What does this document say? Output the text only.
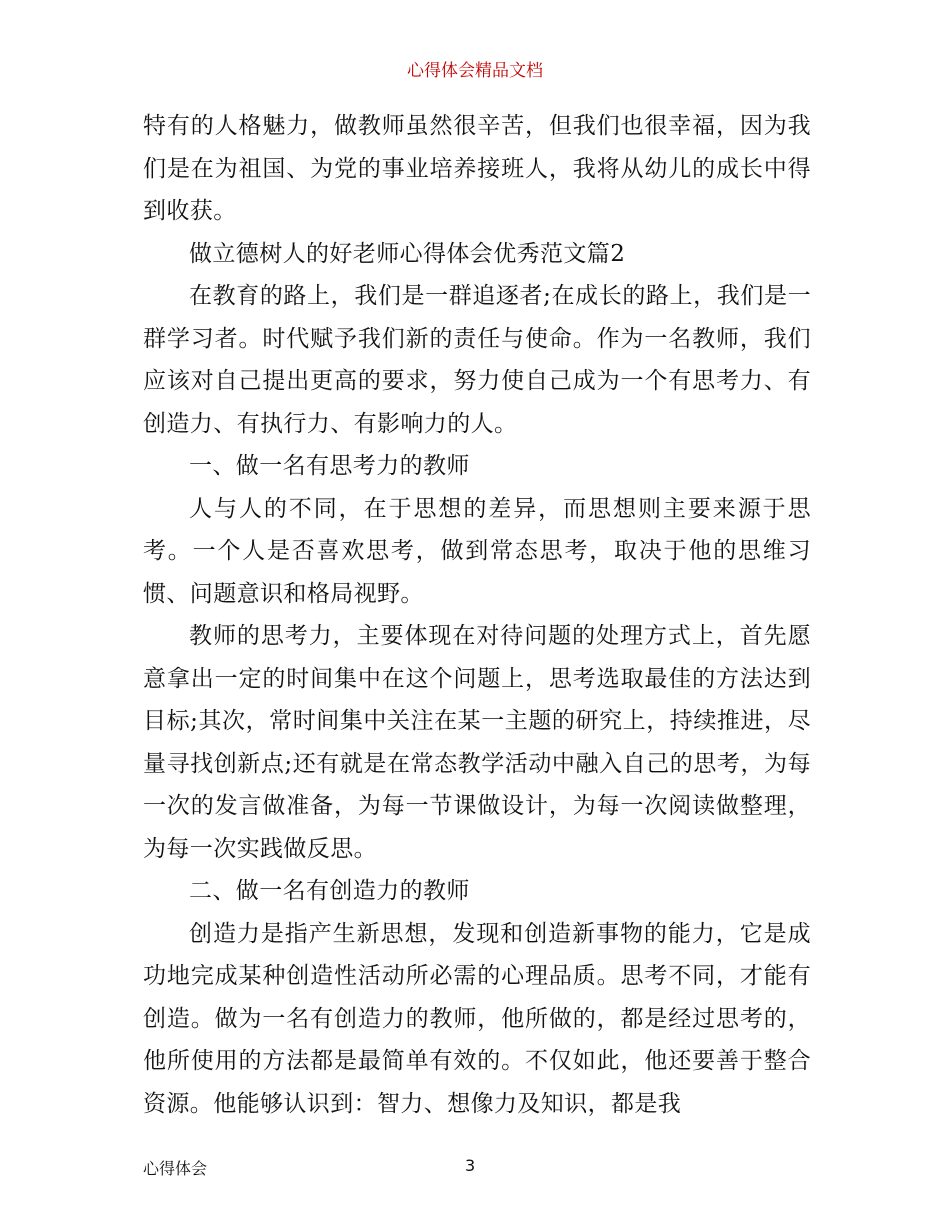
心得体会精品文档

特有的人格魅力，做教师虽然很辛苦，但我们也很幸福，因为我们是在为祖国、为党的事业培养接班人，我将从幼儿的成长中得到收获。

做立德树人的好老师心得体会优秀范文篇2

在教育的路上，我们是一群追逐者;在成长的路上，我们是一群学习者。时代赋予我们新的责任与使命。作为一名教师，我们应该对自己提出更高的要求，努力使自己成为一个有思考力、有创造力、有执行力、有影响力的人。

一、做一名有思考力的教师

人与人的不同，在于思想的差异，而思想则主要来源于思考。一个人是否喜欢思考，做到常态思考，取决于他的思维习惯、问题意识和格局视野。

教师的思考力，主要体现在对待问题的处理方式上，首先愿意拿出一定的时间集中在这个问题上，思考选取最佳的方法达到目标;其次，常时间集中关注在某一主题的研究上，持续推进，尽量寻找创新点;还有就是在常态教学活动中融入自己的思考，为每一次的发言做准备，为每一节课做设计，为每一次阅读做整理，为每一次实践做反思。

二、做一名有创造力的教师

创造力是指产生新思想，发现和创造新事物的能力，它是成功地完成某种创造性活动所必需的心理品质。思考不同，才能有创造。做为一名有创造力的教师，他所做的，都是经过思考的，他所使用的方法都是最简单有效的。不仅如此，他还要善于整合资源。他能够认识到：智力、想像力及知识，都是我

心得体会	3
